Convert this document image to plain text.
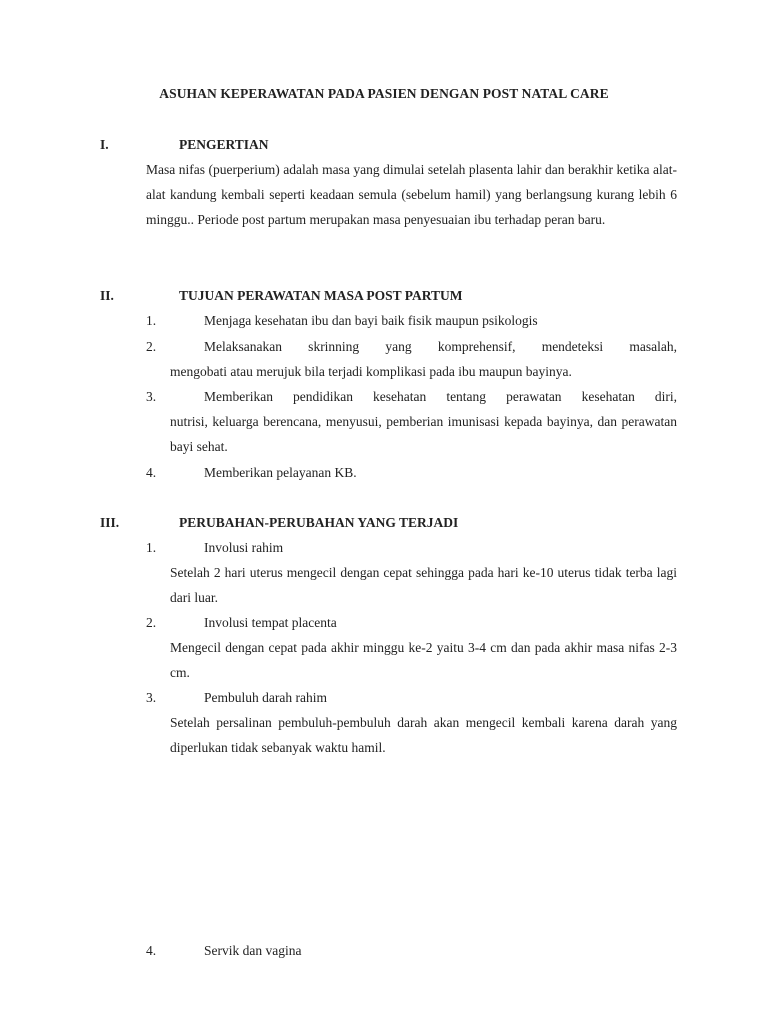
ASUHAN KEPERAWATAN PADA PASIEN DENGAN POST NATAL CARE
I.	PENGERTIAN

Masa nifas (puerperium) adalah masa yang dimulai setelah plasenta lahir dan berakhir ketika alat-alat kandung kembali seperti keadaan semula (sebelum hamil) yang berlangsung kurang lebih 6 minggu.. Periode post partum merupakan masa penyesuaian ibu terhadap peran baru.

II.	TUJUAN PERAWATAN MASA POST PARTUM
1.	Menjaga kesehatan ibu dan bayi baik fisik maupun psikologis
2.	Melaksanakan skrinning yang komprehensif, mendeteksi masalah,

mengobati atau merujuk bila terjadi komplikasi pada ibu maupun bayinya.

3.	Memberikan pendidikan kesehatan tentang perawatan kesehatan diri,

nutrisi, keluarga berencana, menyusui, pemberian imunisasi kepada bayinya, dan perawatan bayi sehat.

4.	Memberikan pelayanan KB.
III.	PERUBAHAN-PERUBAHAN YANG TERJADI
1.	Involusi rahim

Setelah 2 hari uterus mengecil dengan cepat sehingga pada hari ke-10 uterus tidak terba lagi dari luar.

2.	Involusi tempat placenta

Mengecil dengan cepat pada akhir minggu ke-2 yaitu 3-4 cm dan pada akhir masa nifas 2-3 cm.

3.	Pembuluh darah rahim

Setelah persalinan pembuluh-pembuluh darah akan mengecil kembali karena darah yang diperlukan tidak sebanyak waktu hamil.

4.	Servik dan vagina
